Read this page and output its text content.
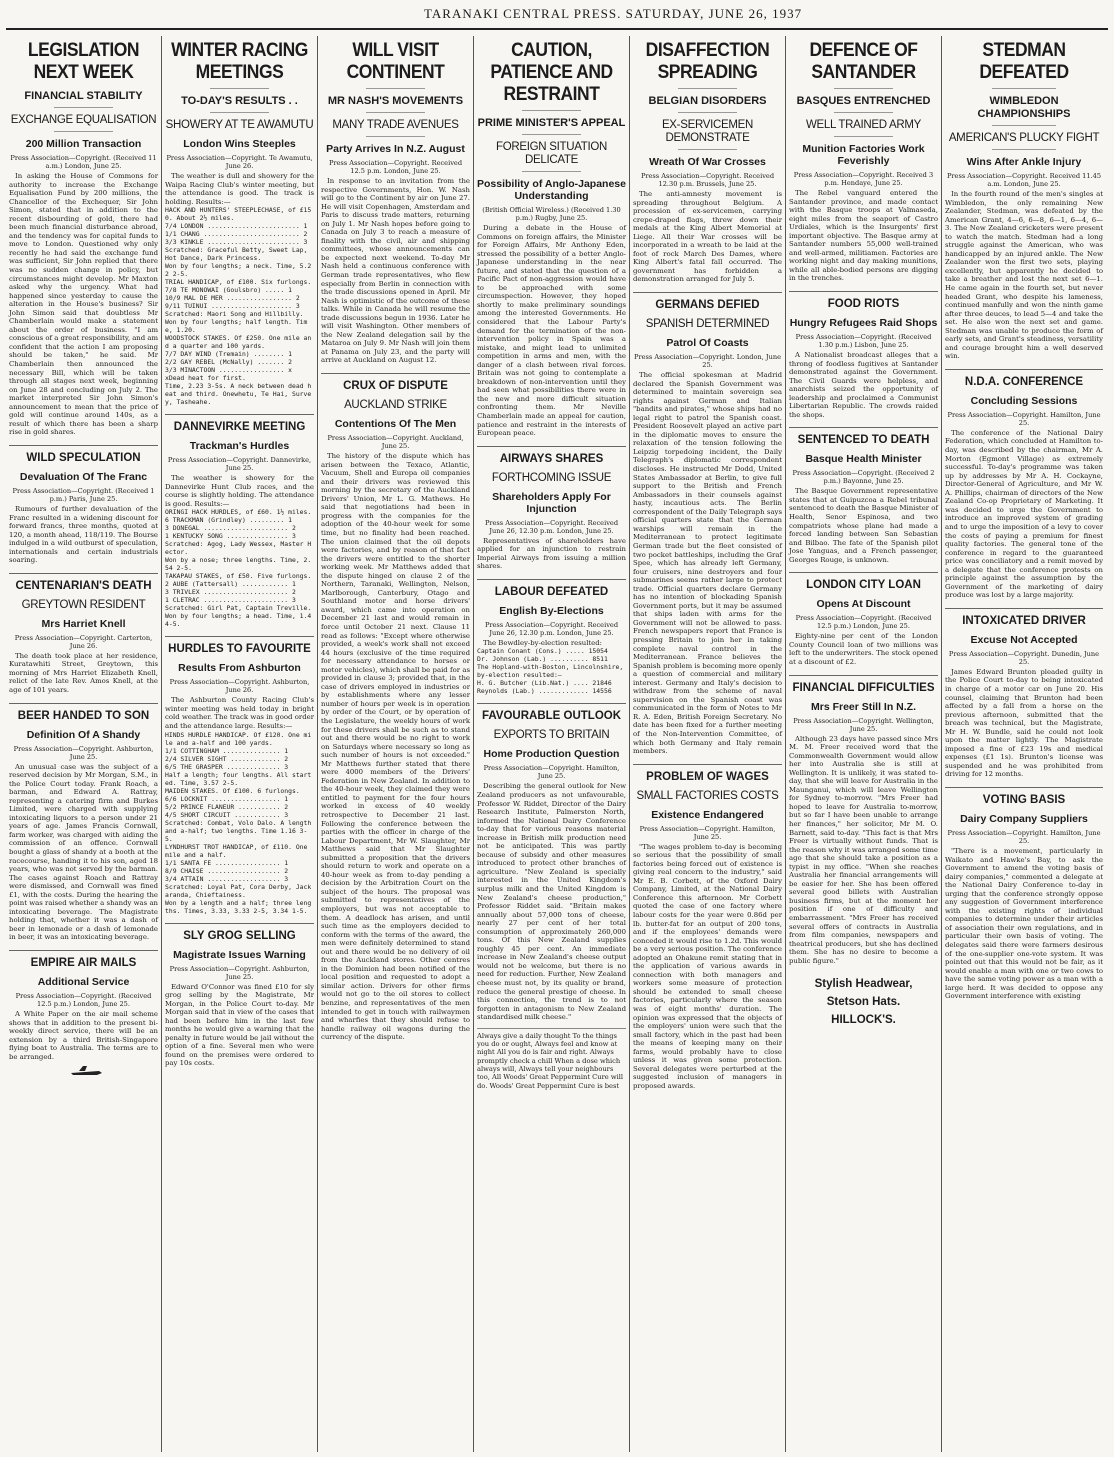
TARANAKI CENTRAL PRESS. SATURDAY, JUNE 26, 1937
LEGISLATION NEXT WEEK
FINANCIAL STABILITY
EXCHANGE EQUALISATION
200 Million Transaction
Press Association—Copyright. (Received 11 a.m.) London, June 25.

In asking the House of Commons for authority to increase the Exchange Equalisation Fund by 200 millions, the Chancellor of the Exchequer, Sir John Simon, stated that in addition to the recent disbourding of gold, there had been much financial disturbance abroad, and the tendency was for capital funds to move to London. Questioned why only recently he had said the exchange fund was sufficient, Sir John replied that there was no sudden change in policy, but circumstances might develop. Mr Maxton asked why the urgency. What had happened since yesterday to cause the alteration in the House's business? Sir John Simon said that doubtless Mr Chamberlain would make a statement about the order of business. "I am conscious of a great responsibility, and am confident that the action I am proposing should be taken," he said. Mr Chamberlain then announced the necessary Bill, which will be taken through all stages next week, beginning on June 28 and concluding on July 2. The market interpreted Sir John Simon's announcement to mean that the price of gold will continue around 140s, as a result of which there has been a sharp rise in gold shares.

WILD SPECULATION
Devaluation Of The Franc
Press Association—Copyright. (Received 1 p.m.) Paris, June 25.

Rumours of further devaluation of the Franc resulted in a widening discount for forward francs, three months, quoted at 120, a month ahead, 118/119. The Bourse indulged in a wild outburst of speculation, internationals and certain industrials soaring.

CENTENARIAN'S DEATH
GREYTOWN RESIDENT
Mrs Harriet Knell
Press Association—Copyright. Carterton, June 26.

The death took place at her residence, Kuratawhiti Street, Greytown, this morning of Mrs Harriet Elizabeth Knell, relict of the late Rev. Amos Knell, at the age of 101 years.

BEER HANDED TO SON
Definition Of A Shandy
Press Association—Copyright. Ashburton, June 25.

An unusual case was the subject of a reserved decision by Mr Morgan, S.M., in the Police Court today. Frank Roach, a barman, and Edward A. Rattray, representing a catering firm and Burkes Limited, were charged with supplying intoxicating liquors to a person under 21 years of age. James Francis Cornwall, farm worker, was charged with aiding the commission of an offence. Cornwall bought a glass of shandy at a booth at the racecourse, handing it to his son, aged 18 years, who was not served by the barman. The cases against Roach and Rattray were dismissed, and Cornwall was fined £1, with the costs. During the hearing the point was raised whether a shandy was an intoxicating beverage. The Magistrate holding that, whether it was a dash of beer in lemonade or a dash of lemonade in beer, it was an intoxicating beverage.

EMPIRE AIR MAILS
Additional Service
Press Association—Copyright. (Received 12.5 p.m.) London, June 25.

A White Paper on the air mail scheme shows that in addition to the present bi-weekly direct service, there will be an extension by a third British-Singapore flying boat to Australia. The terms are to be arranged.

WINTER RACING MEETINGS
TO-DAY'S RESULTS . .
SHOWERY AT TE AWAMUTU
London Wins Steeples
Press Association—Copyright. Te Awamutu, June 26.

The weather is dull and showery for the Waipa Racing Club's winter meeting, but the attendance is good. The track is holding. Results:—

HACK AND HUNTERS' STEEPLECHASE, of £150. About 2½ miles.
7/4 LONDON ........................ 1
1/1 CHANG ......................... 2
3/3 KINKLE ........................ 3
Scratched: Graceful Betty, Sweet Lap, Hot Dance, Dark Princess.
Won by four lengths; a neck. Time, 5.22 2-5.
TRIAL HANDICAP, of £100. Six furlongs.
7/8 TE MONOWAI (Goulsbro) ..... 1
10/9 MAL DE MER ................. 2
9/11 TUINUI ..................... 3
Scratched: Maori Song and Hillbilly.
Won by four lengths; half length. Time, 1.20.
WOODSTOCK STAKES. Of £250. One mile and a quarter and 100 yards.
7/7 DAY WIND (Tremain) ........ 1
2/2 GAY REBEL (McNally) ....... 2
3/3 MINACTOON ................. x
xDead heat for first.
Time, 2.23 3-5s. A neck between dead heat and third. Onewhetu, Te Hai, Survey, Tasheahe.
DANNEVIRKE MEETING
Trackman's Hurdles
Press Association—Copyright. Dannevirke, June 25.

The weather is showery for the Dannevirke Hunt Club races, and the course is slightly holding. The attendance is good. Results:—

ORINGI HACK HURDLES, of £60. 1½ miles.
6 TRACKMAN (Grindley) ......... 1
3 DONEGAL ...................... 2
1 KENTUCKY SONG ................ 3
Scratched: Agog, Lady Wessex, Master Hector.
Won by a nose; three lengths. Time, 2.54 2-5.
TAKAPAU STAKES, of £50. Five furlongs.
2 AUBE (Tattersall) ............ 1
3 TRIVLEX ...................... 2
1 CLETRAC ...................... 3
Scratched: Girl Pat, Captain Treville.
Won by four lengths; a head. Time, 1.4 4-5.
HURDLES TO FAVOURITE
Results From Ashburton
Press Association—Copyright. Ashburton, June 26.

The Ashburton County Racing Club's winter meeting was held today in bright cold weather. The track was in good order and the attendance large. Results:—

HINDS HURDLE HANDICAP. Of £120. One mile and a-half and 100 yards.
1/1 COTTINGHAM ............... 1
2/4 SILVER SIGHT ............. 2
6/5 THE GRASPER .............. 3
Half a length; four lengths. All started. Time, 3.57 2-5.
MAIDEN STAKES. Of £100. 6 furlongs.
6/6 LOCKNIT .................. 1
5/2 PRINCE FLANEUR ........... 2
4/5 SHORT CIRCUIT ............ 3
Scratched: Combat, Volo Dalo. A length and a-half; two lengths. Time 1.16 3-5.
LYNDHURST TROT HANDICAP, of £110. One mile and a half.
1/1 SANTA FE ................. 1
8/9 CHAISE ................... 2
3/4 ATTAIN ................... 3
Scratched: Loyal Pat, Cora Derby, Jackaranda, Chieftainess.
Won by a length and a half; three lengths. Times, 3.33, 3.33 2-5, 3.34 1-5.
SLY GROG SELLING
Magistrate Issues Warning
Press Association—Copyright. Ashburton, June 25.

Edward O'Connor was fined £10 for sly grog selling by the Magistrate, Mr Morgan, in the Police Court to-day. Mr Morgan said that in view of the cases that had been before him in the last few months he would give a warning that the penalty in future would be jail without the option of a fine. Several men who were found on the premises were ordered to pay 10s costs.

WILL VISIT CONTINENT
MR NASH'S MOVEMENTS
MANY TRADE AVENUES
Party Arrives In N.Z. August
Press Association—Copyright. Received 12.5 p.m. London, June 25.

In response to an invitation from the respective Governments, Hon. W. Nash will go to the Continent by air on June 27. He will visit Copenhagen, Amsterdam and Paris to discuss trade matters, returning on July 1. Mr Nash hopes before going to Canada on July 3 to reach a measure of finality with the civil, air and shipping committees, whose announcements can be expected next weekend. To-day Mr Nash held a continuous conference with German trade representatives, who flew especially from Berlin in connection with the trade discussions opened in April. Mr Nash is optimistic of the outcome of these talks. While in Canada he will resume the trade discussions begun in 1936. Later he will visit Washington. Other members of the New Zealand delegation sail by the Mataroa on July 9. Mr Nash will join them at Panama on July 23, and the party will arrive at Auckland on August 12.

CRUX OF DISPUTE
AUCKLAND STRIKE
Contentions Of The Men
Press Association—Copyright. Auckland, June 25.

The history of the dispute which has arisen between the Texaco, Atlantic, Vacuum, Shell and Europa oil companies and their drivers was reviewed this morning by the secretary of the Auckland Drivers' Union, Mr L. G. Mathews. He said that negotiations had been in progress with the companies for the adoption of the 40-hour week for some time, but no finality had been reached. The union claimed that the oil depots were factories, and by reason of that fact the drivers were entitled to the shorter working week. Mr Matthews added that the dispute hinged on clause 2 of the Northern, Taranaki, Wellington, Nelson, Marlborough, Canterbury, Otago and Southland motor and horse drivers' award, which came into operation on December 21 last and would remain in force until October 21 next. Clause 11 read as follows: "Except where otherwise provided, a week's work shall not exceed 44 hours (exclusive of the time required for necessary attendance to horses or motor vehicles), which shall be paid for as provided in clause 3; provided that, in the case of drivers employed in industries or by establishments where any lesser number of hours per week is in operation by order of the Court, or by operation of the Legislature, the weekly hours of work for these drivers shall be such as to stand out and there would be no right to work on Saturdays where necessary so long as such number of hours is not exceeded." Mr Matthews further stated that there were 4000 members of the Drivers' Federation in New Zealand. In addition to the 40-hour week, they claimed they were entitled to payment for the four hours worked in excess of 40 weekly retrospective to December 21 last. Following the conference between the parties with the officer in charge of the Labour Department, Mr W. Slaughter, Mr Matthews said that Mr Slaughter submitted a proposition that the drivers should return to work and operate on a 40-hour week as from to-day pending a decision by the Arbitration Court on the subject of the hours. The proposal was submitted to representatives of the employers, but was not acceptable to them. A deadlock has arisen, and until such time as the employers decided to conform with the terms of the award, the men were definitely determined to stand out and there would be no delivery of oil from the Auckland stores. Other centres in the Dominion had been notified of the local position and requested to adopt a similar action. Drivers for other firms would not go to the oil stores to collect benzine, and representatives of the men intended to get in touch with railwaymen and wharfies that they should refuse to handle railway oil wagons during the currency of the dispute.

CAUTION, PATIENCE AND RESTRAINT
PRIME MINISTER'S APPEAL
FOREIGN SITUATION DELICATE
Possibility of Anglo-Japanese Understanding
(British Official Wireless.) (Received 1.30 p.m.) Rugby, June 25.

During a debate in the House of Commons on foreign affairs, the Minister for Foreign Affairs, Mr Anthony Eden, stressed the possibility of a better Anglo-Japanese understanding in the near future, and stated that the question of a Pacific Pact of non-aggression would have to be approached with some circumspection. However, they hoped shortly to make preliminary soundings among the interested Governments. He considered that the Labour Party's demand for the termination of the non-intervention policy in Spain was a mistake, and might lead to unlimited competition in arms and men, with the danger of a clash between rival forces. Britain was not going to contemplate a breakdown of non-intervention until they had seen what possibilities there were in the new and more difficult situation confronting them. Mr Neville Chamberlain made an appeal for caution, patience and restraint in the interests of European peace.

AIRWAYS SHARES
FORTHCOMING ISSUE
Shareholders Apply For Injunction
Press Association—Copyright. Received June 26, 12.30 p.m. London, June 25.

Representatives of shareholders have applied for an injunction to restrain Imperial Airways from issuing a million shares.

LABOUR DEFEATED
English By-Elections
Press Association—Copyright. Received June 26, 12.30 p.m. London, June 25.

The Bewdley-by-election resulted:

Captain Conant (Cons.) ..... 15054
Dr. Johnson (Lab.) .......... 8511
The Hopland-with-Boston, Lincolnshire, by-election resulted:—
H. G. Butcher (Lib.Nat.) .... 21846
Reynolds (Lab.) ............. 14556
FAVOURABLE OUTLOOK
EXPORTS TO BRITAIN
Home Production Question
Press Association—Copyright. Hamilton, June 25.

Describing the general outlook for New Zealand producers as not unfavourable, Professor W. Riddet, Director of the Dairy Research Institute, Palmerston North, informed the National Dairy Conference to-day that for various reasons material increase in British milk production need not be anticipated. This was partly because of subsidy and other measures introduced to protect other branches of agriculture. "New Zealand is specially interested in the United Kingdom's surplus milk and the United Kingdom is New Zealand's cheese production," Professor Riddet said. "Britain makes annually about 57,000 tons of cheese, nearly 27 per cent of her total consumption of approximately 260,000 tons. Of this New Zealand supplies roughly 45 per cent. An immediate increase in New Zealand's cheese output would not be welcome, but there is no need for reduction. Further, New Zealand cheese must not, by its quality or brand, reduce the general prestige of cheese. In this connection, the trend is to not forgotten in antagonism to New Zealand standardised milk cheese."

Always give a daily thought To the things you do or ought, Always feel and know at night All you do is fair and right. Always promptly check a chill When a dose which always will, Always tell your neighbours too, All Woods' Great Peppermint Cure will do. Woods' Great Peppermint Cure is best
DISAFFECTION SPREADING
BELGIAN DISORDERS
EX-SERVICEMEN DEMONSTRATE
Wreath Of War Crosses
Press Association—Copyright. Received 12.30 p.m. Brussels, June 25.

The anti-amnesty movement is spreading throughout Belgium. A procession of ex-servicemen, carrying crepe-draped flags, threw down their medals at the King Albert Memorial at Liege. All their War crosses will be incorporated in a wreath to be laid at the foot of rock March Des Dames, where King Albert's fatal fall occurred. The government has forbidden a demonstration arranged for July 5.

GERMANS DEFIED
SPANISH DETERMINED
Patrol Of Coasts
Press Association—Copyright. London, June 25.

The official spokesman at Madrid declared the Spanish Government was determined to maintain sovereign sea rights against German and Italian "bandits and pirates," whose ships had no legal right to patrol the Spanish coast. President Roosevelt played an active part in the diplomatic moves to ensure the relaxation of the tension following the Leipzig torpedoing incident, the Daily Telegraph's diplomatic correspondent discloses. He instructed Mr Dodd, United States Ambassador at Berlin, to give full support to the British and French Ambassadors in their counsels against hasty, incautious acts. The Berlin correspondent of the Daily Telegraph says official quarters state that the German warships will remain in the Mediterranean to protect legitimate German trade but the fleet consisted of two pocket battleships, including the Graf Spee, which has already left Germany, four cruisers, nine destroyers and four submarines seems rather large to protect trade. Official quarters declare Germany has no intention of blockading Spanish Government ports, but it may be assumed that ships laden with arms for the Government will not be allowed to pass. French newspapers report that France is pressing Britain to join her in taking complete naval control in the Mediterranean. France believes the Spanish problem is becoming more openly a question of commercial and military interest. Germany and Italy's decision to withdraw from the scheme of naval supervision on the Spanish coast was communicated in the form of Notes to Mr R. A. Eden, British Foreign Secretary. No date has been fixed for a further meeting of the Non-Intervention Committee, of which both Germany and Italy remain members.

PROBLEM OF WAGES
SMALL FACTORIES COSTS
Existence Endangered
Press Association—Copyright. Hamilton, June 25.

"The wages problem to-day is becoming so serious that the possibility of small factories being forced out of existence is giving real concern to the industry," said Mr E. B. Corbett, of the Oxford Dairy Company, Limited, at the National Dairy Conference this afternoon. Mr Corbett quoted the case of one factory where labour costs for the year were 0.86d per lb. butter-fat for an output of 200 tons, and if the employees' demands were conceded it would rise to 1.2d. This would be a very serious position. The conference adopted an Ohakune remit stating that in the application of various awards in connection with both managers and workers some measure of protection should be extended to small cheese factories, particularly where the season was of eight months' duration. The opinion was expressed that the objects of the employers' union were such that the small factory, which in the past had been the means of keeping many on their farms, would probably have to close unless it was given some protection. Several delegates were perturbed at the suggested inclusion of managers in proposed awards.

DEFENCE OF SANTANDER
BASQUES ENTRENCHED
WELL TRAINED ARMY
Munition Factories Work Feverishly
Press Association—Copyright. Received 3 p.m. Hendaye, June 25.

The Rebel vanguard entered the Santander province, and made contact with the Basque troops at Valmaseda, eight miles from the seaport of Castro Urdiales, which is the Insurgents' first important objective. The Basque army at Santander numbers 55,000 well-trained and well-armed, militiamen. Factories are working night and day making munitions, while all able-bodied persons are digging in the trenches.

FOOD RIOTS
Hungry Refugees Raid Shops
Press Association—Copyright. (Received 1.30 p.m.) Lisbon, June 25.

A Nationalist broadcast alleges that a throng of foodless fugitives at Santander demonstrated against the Government. The Civil Guards were helpless, and anarchists seized the opportunity of leadership and proclaimed a Communist Libertarian Republic. The crowds raided the shops.

SENTENCED TO DEATH
Basque Health Minister
Press Association—Copyright. (Received 2 p.m.) Bayonne, June 25.

The Basque Government representative states that at Guipuzcoa a Rebel tribunal sentenced to death the Basque Minister of Health, Senor Espinosa, and two compatriots whose plane had made a forced landing between San Sebastian and Bilbao. The fate of the Spanish pilot Jose Yanguas, and a French passenger, Georges Rouge, is unknown.

LONDON CITY LOAN
Opens At Discount
Press Association—Copyright. (Received 12.5 p.m.) London, June 25.

Eighty-nine per cent of the London County Council loan of two millions was left to the underwriters. The stock opened at a discount of £2.

FINANCIAL DIFFICULTIES
Mrs Freer Still In N.Z.
Press Association—Copyright. Wellington, June 25.

Although 23 days have passed since Mrs M. M. Freer received word that the Commonwealth Government would allow her into Australia she is still at Wellington. It is unlikely, it was stated to-day, that she will leave for Australia in the Maunganui, which will leave Wellington for Sydney to-morrow. "Mrs Freer had hoped to leave for Australia to-morrow, but so far I have been unable to arrange her finances," her solicitor, Mr M. O. Barnett, said to-day. "This fact is that Mrs Freer is virtually without funds. That is the reason why it was arranged some time ago that she should take a position as a typist in my office. "When she reaches Australia her financial arrangements will be easier for her. She has been offered several good billets with Australian business firms, but at the moment her position if one of difficulty and embarrassment. "Mrs Freer has received several offers of contracts in Australia from film companies, newspapers and theatrical producers, but she has declined them. She has no desire to become a public figure."

Stylish Headwear,
Stetson Hats.
HILLOCK'S.
STEDMAN DEFEATED
WIMBLEDON CHAMPIONSHIPS
AMERICAN'S PLUCKY FIGHT
Wins After Ankle Injury
Press Association—Copyright. Received 11.45 a.m. London, June 25.

In the fourth round of the men's singles at Wimbledon, the only remaining New Zealander, Stedman, was defeated by the American Grant, 4—6, 6—8, 6—1, 6—4, 6—3. The New Zealand cricketers were present to watch the match. Stedman had a long struggle against the American, who was handicapped by an injured ankle. The New Zealander won the first two sets, playing excellently, but apparently he decided to take a breather and lost the next set 6—1. He came again in the fourth set, but never headed Grant, who despite his lameness, continued manfully and won the ninth game after three deuces, to lead 5—4 and take the set. He also won the next set and game. Stedman was unable to produce the form of early sets, and Grant's steadiness, versatility and courage brought him a well deserved win.

N.D.A. CONFERENCE
Concluding Sessions
Press Association—Copyright. Hamilton, June 25.

The conference of the National Dairy Federation, which concluded at Hamilton to-day, was described by the chairman, Mr A. Morton (Egmont Village) as extremely successful. To-day's programme was taken up by addresses by Mr A. H. Cockayne, Director-General of Agriculture, and Mr W. A. Phillips, chairman of directors of the New Zealand Co-op Proprietary of Marketing. It was decided to urge the Government to introduce an improved system of grading and to urge the imposition of a levy to cover the costs of paying a premium for finest quality factories. The general tone of the conference in regard to the guaranteed price was conciliatory and a remit moved by a delegate that the conference protests on principle against the assumption by the Government of the marketing of dairy produce was lost by a large majority.

INTOXICATED DRIVER
Excuse Not Accepted
Press Association—Copyright. Dunedin, June 25.

James Edward Brunton pleaded guilty in the Police Court to-day to being intoxicated in charge of a motor car on June 20. His counsel, claiming that Brunton had been affected by a fall from a horse on the previous afternoon, submitted that the breach was technical, but the Magistrate, Mr H. W. Bundle, said he could not look upon the matter lightly. The Magistrate imposed a fine of £23 19s and medical expenses (£1 1s). Brunton's license was suspended and he was prohibited from driving for 12 months.

VOTING BASIS
Dairy Company Suppliers
Press Association—Copyright. Hamilton, June 25.

"There is a movement, particularly in Waikato and Hawke's Bay, to ask the Government to amend the voting basis of dairy companies," commented a delegate at the National Dairy Conference to-day in urging that the conference strongly oppose any suggestion of Government interference with the existing rights of individual companies to determine under their articles of association their own regulations, and in particular their own basis of voting. The delegates said there were farmers desirous of the one-supplier one-vote system. It was pointed out that this would not be fair, as it would enable a man with one or two cows to have the same voting power as a man with a large herd. It was decided to oppose any Government interference with existing
